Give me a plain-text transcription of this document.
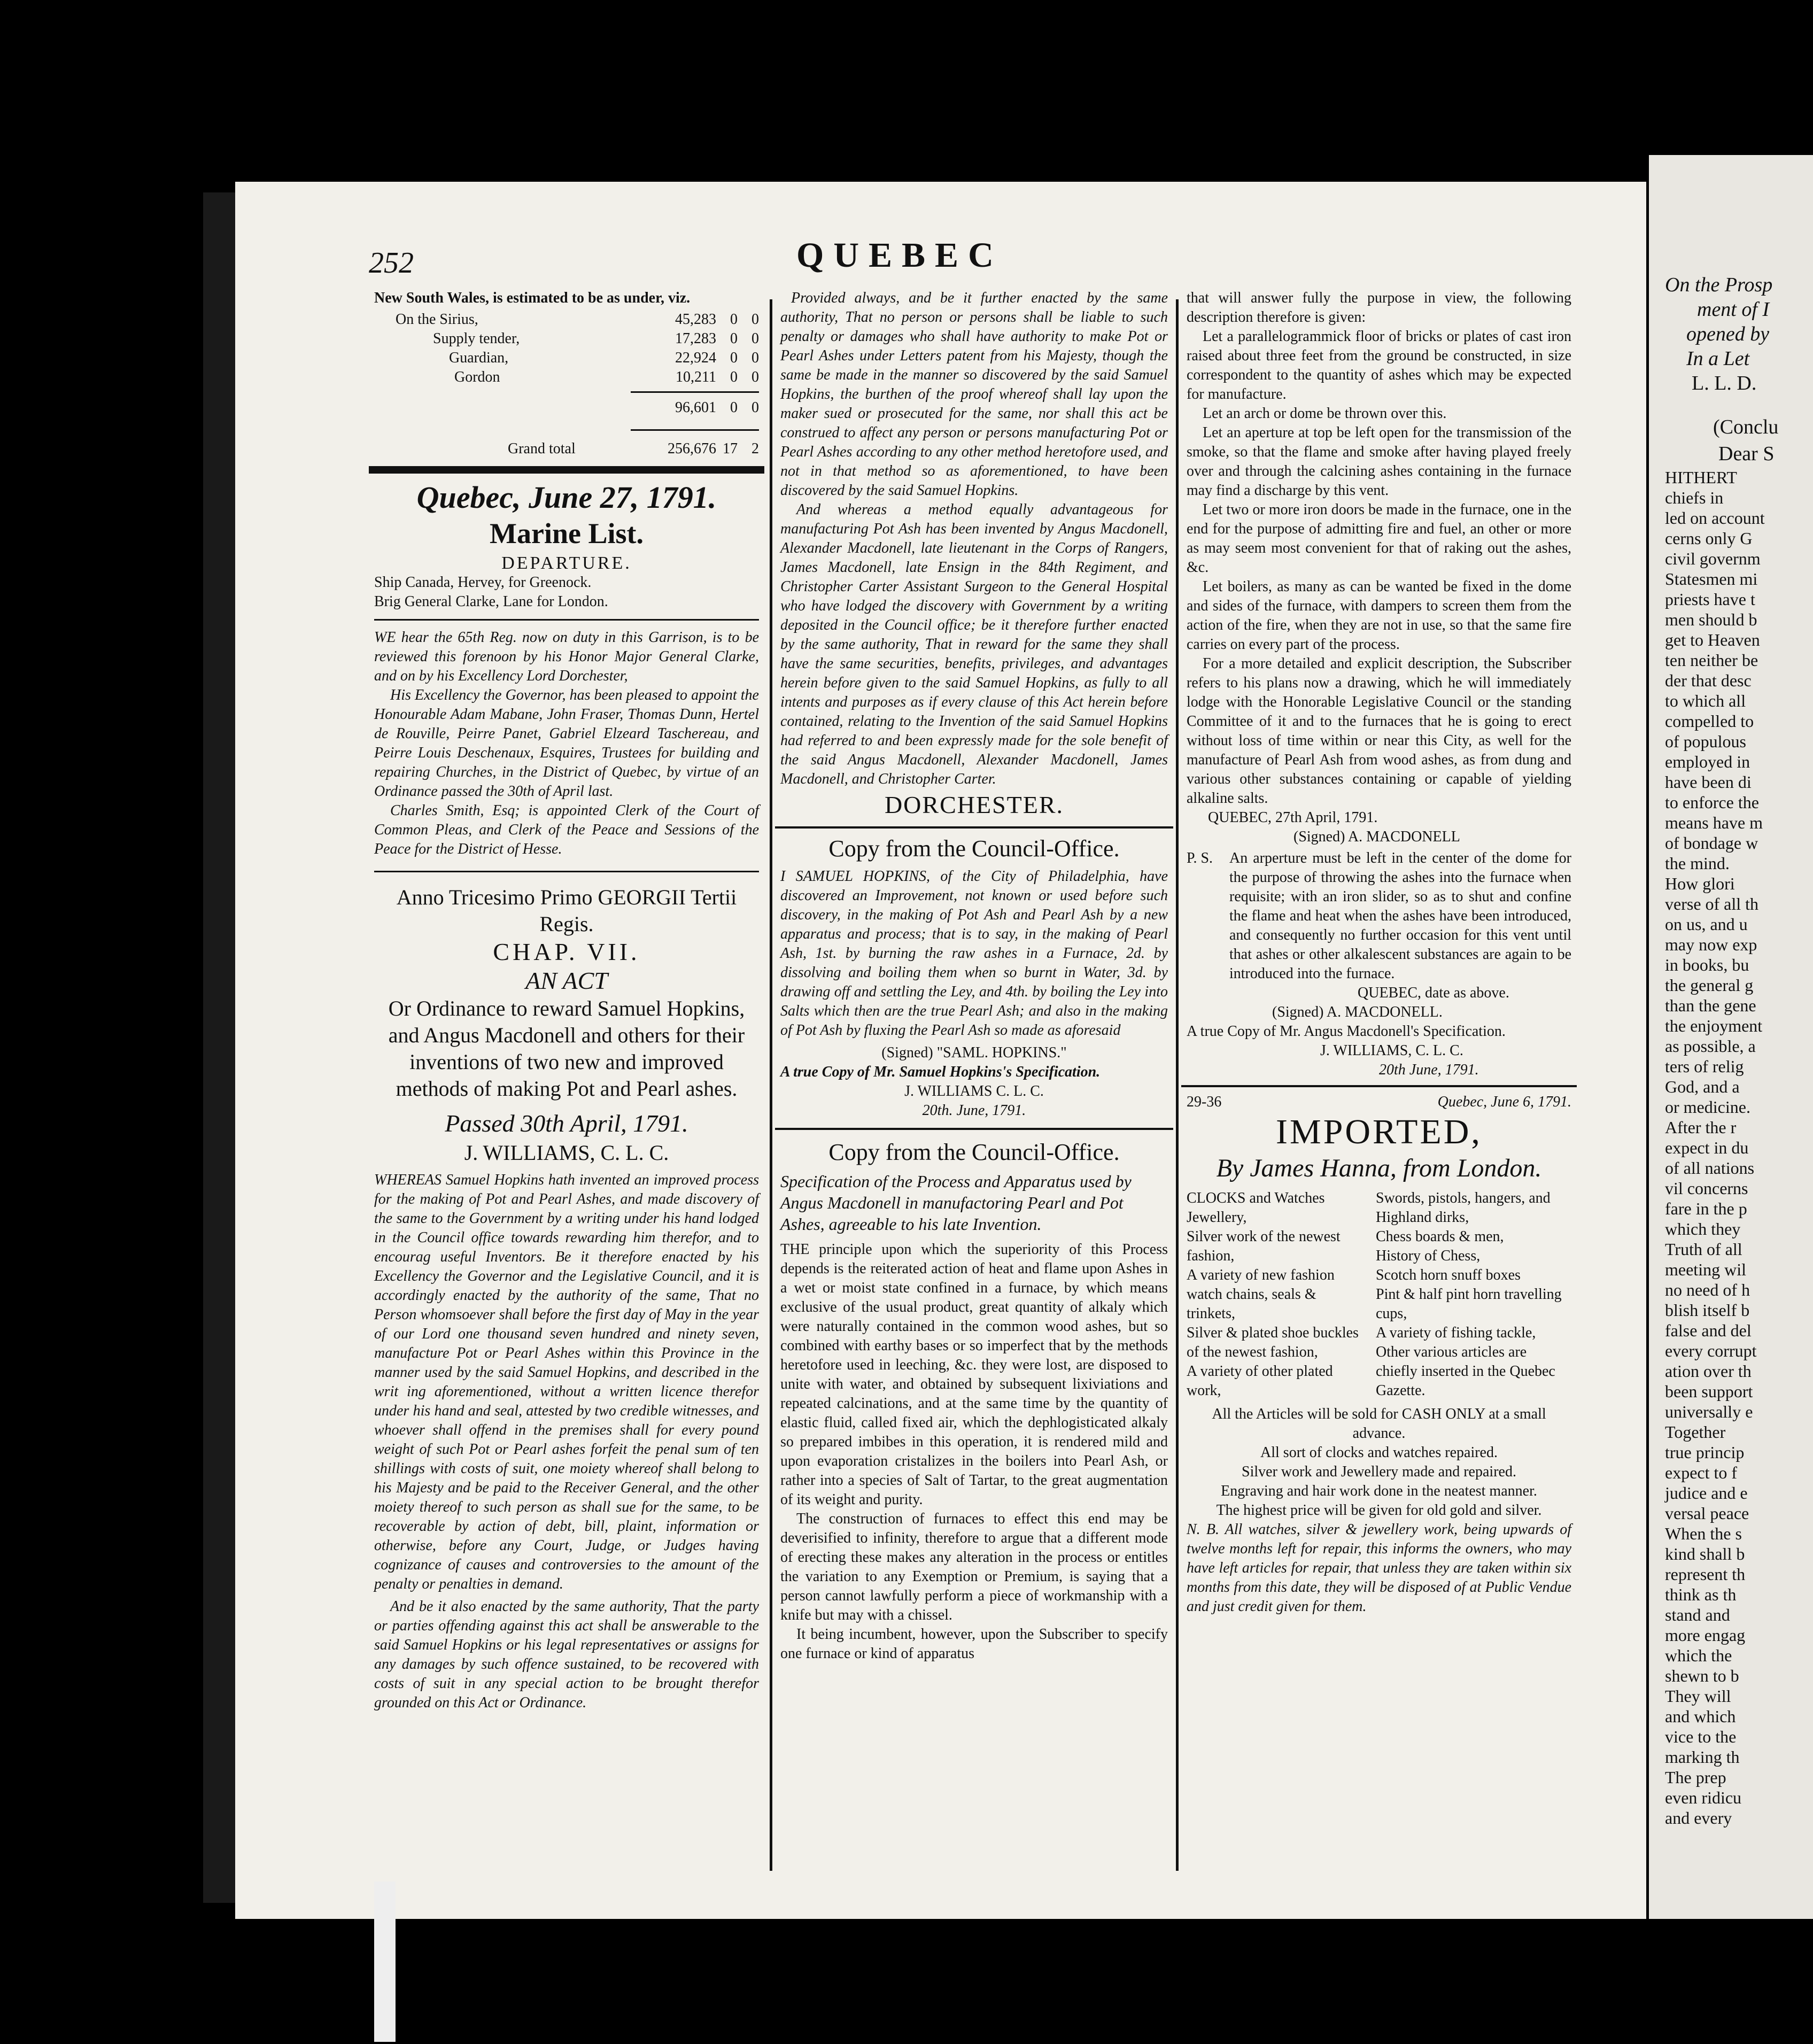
252	QUEBEC

New South Wales, is estimated to be as under, viz.

On the Sirius,	45,283 0 0
Supply tender,	17,283 0 0
Guardian,	22,924 0 0
Gordon	10,211 0 0
96,601 0 0
Grand total	256,676 17 2

Quebec, June 27, 1791.

Marine List.

DEPARTURE.

Ship Canada, Hervey, for Greenock.

Brig General Clarke, Lane for London.

WE hear the 65th Reg. now on duty in this Garrison, is to be reviewed this forenoon by his Honor Major General Clarke, and on by his Excellency Lord Dorchester,

His Excellency the Governor, has been pleased to appoint the Honourable Adam Mabane, John Fraser, Thomas Dunn, Hertel de Rouville, Peirre Panet, Gabriel Elzeard Taschereau, and Peirre Louis Deschenaux, Esquires, Trustees for building and repairing Churches, in the District of Quebec, by virtue of an Ordinance passed the 30th of April last.

Charles Smith, Esq; is appointed Clerk of the Court of Common Pleas, and Clerk of the Peace and Sessions of the Peace for the District of Hesse.

Anno Tricesimo Primo GEORGII Tertii Regis.

CHAP. VII.

AN ACT

Or Ordinance to reward Samuel Hopkins, and Angus Macdonell and others for their inventions of two new and improved methods of making Pot and Pearl ashes.

Passed 30th April, 1791.

J. WILLIAMS, C. L. C.

WHEREAS Samuel Hopkins hath invented an improved process for the making of Pot and Pearl Ashes, and made discovery of the same to the Government by a writing under his hand lodged in the Council office towards rewarding him therefor, and to encourag useful Inventors. Be it therefore enacted by his Excellency the Governor and the Legislative Council, and it is accordingly enacted by the authority of the same, That no Person whomsoever shall before the first day of May in the year of our Lord one thousand seven hundred and ninety seven, manufacture Pot or Pearl Ashes within this Province in the manner used by the said Samuel Hopkins, and described in the writ ing aforementioned, without a written licence therefor under his hand and seal, attested by two credible witnesses, and whoever shall offend in the premises shall for every pound weight of such Pot or Pearl ashes forfeit the penal sum of ten shillings with costs of suit, one moiety whereof shall belong to his Majesty and be paid to the Receiver General, and the other moiety thereof to such person as shall sue for the same, to be recoverable by action of debt, bill, plaint, information or otherwise, before any Court, Judge, or Judges having cognizance of causes and controversies to the amount of the penalty or penalties in demand.

And be it also enacted by the same authority, That the party or parties offending against this act shall be answerable to the said Samuel Hopkins or his legal representatives or assigns for any damages by such offence sustained, to be recovered with costs of suit in any special action to be brought therefor grounded on this Act or Ordinance.

Provided always, and be it further enacted by the same authority, That no person or persons shall be liable to such penalty or damages who shall have authority to make Pot or Pearl Ashes under Letters patent from his Majesty, though the same be made in the manner so discovered by the said Samuel Hopkins, the burthen of the proof whereof shall lay upon the maker sued or prosecuted for the same, nor shall this act be construed to affect any person or persons manufacturing Pot or Pearl Ashes according to any other method heretofore used, and not in that method so as aforementioned, to have been discovered by the said Samuel Hopkins.

And whereas a method equally advantageous for manufacturing Pot Ash has been invented by Angus Macdonell, Alexander Macdonell, late lieutenant in the Corps of Rangers, James Macdonell, late Ensign in the 84th Regiment, and Christopher Carter Assistant Surgeon to the General Hospital who have lodged the discovery with Government by a writing deposited in the Council office; be it therefore further enacted by the same authority, That in reward for the same they shall have the same securities, benefits, privileges, and advantages herein before given to the said Samuel Hopkins, as fully to all intents and purposes as if every clause of this Act herein before contained, relating to the Invention of the said Samuel Hopkins had referred to and been expressly made for the sole benefit of the said Angus Macdonell, Alexander Macdonell, James Macdonell, and Christopher Carter.

DORCHESTER.

Copy from the Council-Office.

I SAMUEL HOPKINS, of the City of Philadelphia, have discovered an Improvement, not known or used before such discovery, in the making of Pot Ash and Pearl Ash by a new apparatus and process; that is to say, in the making of Pearl Ash, 1st. by burning the raw ashes in a Furnace, 2d. by dissolving and boiling them when so burnt in Water, 3d. by drawing off and settling the Ley, and 4th. by boiling the Ley into Salts which then are the true Pearl Ash; and also in the making of Pot Ash by fluxing the Pearl Ash so made as aforesaid

(Signed) "SAML. HOPKINS."

A true Copy of Mr. Samuel Hopkins's Specification.

J. WILLIAMS C. L. C.

20th. June, 1791.

Copy from the Council-Office.

Specification of the Process and Apparatus used by Angus Macdonell in manufactoring Pearl and Pot Ashes, agreeable to his late Invention.

THE principle upon which the superiority of this Process depends is the reiterated action of heat and flame upon Ashes in a wet or moist state confined in a furnace, by which means exclusive of the usual product, great quantity of alkaly which were naturally contained in the common wood ashes, but so combined with earthy bases or so imperfect that by the methods heretofore used in leeching, &c. they were lost, are disposed to unite with water, and obtained by subsequent lixiviations and repeated calcinations, and at the same time by the quantity of elastic fluid, called fixed air, which the dephlogisticated alkaly so prepared imbibes in this operation, it is rendered mild and upon evaporation cristalizes in the boilers into Pearl Ash, or rather into a species of Salt of Tartar, to the great augmentation of its weight and purity.

The construction of furnaces to effect this end may be deverisified to infinity, therefore to argue that a different mode of erecting these makes any alteration in the process or entitles the variation to any Exemption or Premium, is saying that a person cannot lawfully perform a piece of workmanship with a knife but may with a chissel.

It being incumbent, however, upon the Subscriber to specify one furnace or kind of apparatus

that will answer fully the purpose in view, the following description therefore is given:

Let a parallelogrammick floor of bricks or plates of cast iron raised about three feet from the ground be constructed, in size correspondent to the quantity of ashes which may be expected for manufacture.

Let an arch or dome be thrown over this.

Let an aperture at top be left open for the transmission of the smoke, so that the flame and smoke after having played freely over and through the calcining ashes containing in the furnace may find a discharge by this vent.

Let two or more iron doors be made in the furnace, one in the end for the purpose of admitting fire and fuel, an other or more as may seem most convenient for that of raking out the ashes, &c.

Let boilers, as many as can be wanted be fixed in the dome and sides of the furnace, with dampers to screen them from the action of the fire, when they are not in use, so that the same fire carries on every part of the process.

For a more detailed and explicit description, the Subscriber refers to his plans now a drawing, which he will immediately lodge with the Honorable Legislative Council or the standing Committee of it and to the furnaces that he is going to erect without loss of time within or near this City, as well for the manufacture of Pearl Ash from wood ashes, as from dung and various other substances containing or capable of yielding alkaline salts.

QUEBEC, 27th April, 1791.

(Signed) A. MACDONELL

P. S.	An arperture must be left in the center of the dome for the purpose of throwing the ashes into the furnace when requisite; with an iron slider, so as to shut and confine the flame and heat when the ashes have been introduced, and consequently no further occasion for this vent until that ashes or other alkalescent substances are again to be introduced into the furnace.

QUEBEC, date as above.

(Signed) A. MACDONELL.

A true Copy of Mr. Angus Macdonell's Specification.

J. WILLIAMS, C. L. C.

20th June, 1791.

29-36	Quebec, June 6, 1791.

IMPORTED,

By James Hanna, from London.

CLOCKS and Watches

Jewellery,

Silver work of the newest fashion,

A variety of new fashion watch chains, seals & trinkets,

Silver & plated shoe buckles of the newest fashion,

A variety of other plated work,

Swords, pistols, hangers, and Highland dirks,

Chess boards & men,

History of Chess,

Scotch horn snuff boxes

Pint & half pint horn travelling cups,

A variety of fishing tackle,

Other various articles are chiefly inserted in the Quebec Gazette.

All the Articles will be sold for CASH ONLY at a small advance.

All sort of clocks and watches repaired.

Silver work and Jewellery made and repaired.

Engraving and hair work done in the neatest manner.

The highest price will be given for old gold and silver.

N. B. All watches, silver & jewellery work, being upwards of twelve months left for repair, this informs the owners, who may have left articles for repair, that unless they are taken within six months from this date, they will be disposed of at Public Vendue and just credit given for them.

On the Prosp

ment of I

opened by

In a Let

L. L. D.

(Conclu

Dear S

HITHERT

chiefs in

led on account

cerns only G

civil governm

Statesmen mi

priests have t

men should b

get to Heaven

ten neither be

der that desc

to which all

compelled to

of populous

employed in

have been di

to enforce the

means have m

of bondage w

the mind.

How glori

verse of all th

on us, and u

may now exp

in books, bu

the general g

than the gene

the enjoyment

as possible, a

ters of relig

God, and a

or medicine.

After the r

expect in du

of all nations

vil concerns

fare in the p

which they

Truth of all

meeting wil

no need of h

blish itself b

false and del

every corrupt

ation over th

been support

universally e

Together

true princip

expect to f

judice and e

versal peace

When the s

kind shall b

represent th

think as th

stand and

more engag

which the

shewn to b

They will

and which

vice to the

marking th

The prep

even ridicu

and every
